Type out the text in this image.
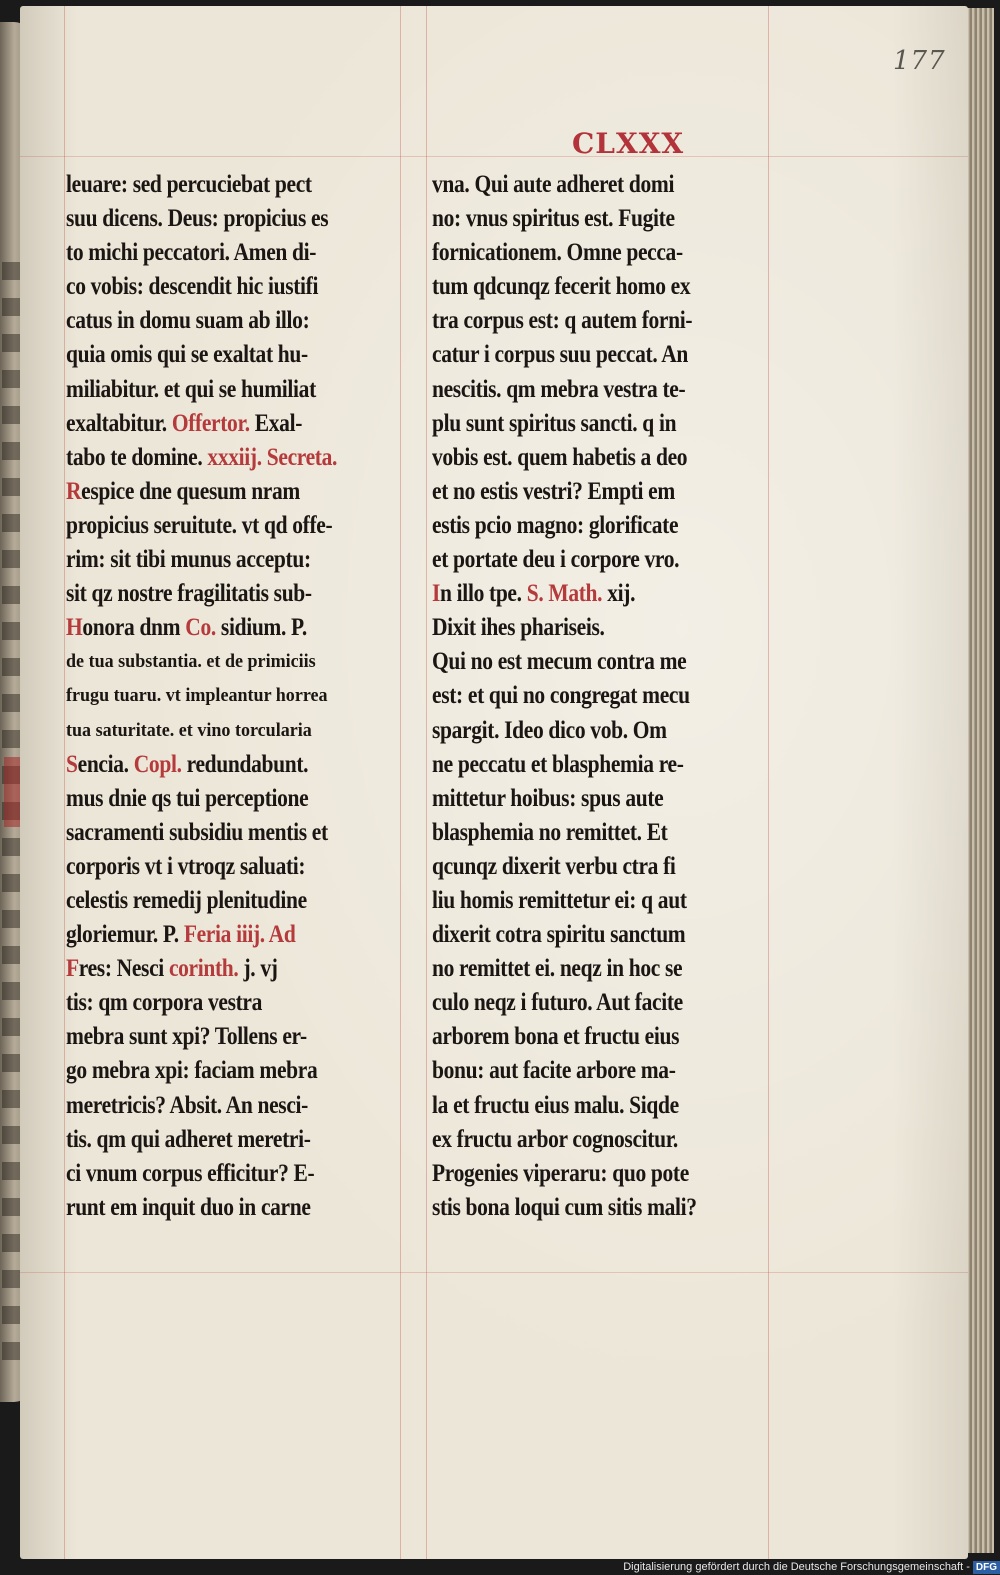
177
CLXXX
leuare: sed percuciebat pect
suu dicens. Deus: propicius es
to michi peccatori. Amen di-
co vobis: descendit hic iustifi
catus in domu suam ab illo:
quia omis qui se exaltat hu-
miliabitur. et qui se humiliat
exaltabitur. Offertor. Exal-
tabo te domine. xxxiij. Secreta.
Respice dne quesum nram
propicius seruitute. vt qd offe-
rim: sit tibi munus acceptu:
sit qz nostre fragilitatis sub-
Honora dnm Co. sidium. P.
de tua substantia. et de primiciis
frugu tuaru. vt impleantur horrea
tua saturitate. et vino torcularia
Sencia. Copl. redundabunt.
mus dnie qs tui perceptione
sacramenti subsidiu mentis et
corporis vt i vtroqz saluati:
celestis remedij plenitudine
gloriemur. P. Feria iiij. Ad
Fres: Nesci corinth. j. vj
tis: qm corpora vestra
mebra sunt xpi? Tollens er-
go mebra xpi: faciam mebra
meretricis? Absit. An nesci-
tis. qm qui adheret meretri-
ci vnum corpus efficitur? E-
runt em inquit duo in carne
vna. Qui aute adheret domi
no: vnus spiritus est. Fugite
fornicationem. Omne pecca-
tum qdcunqz fecerit homo ex
tra corpus est: q autem forni-
catur i corpus suu peccat. An
nescitis. qm mebra vestra te-
plu sunt spiritus sancti. q in
vobis est. quem habetis a deo
et no estis vestri? Empti em
estis pcio magno: glorificate
et portate deu i corpore vro.
In illo tpe. S. Math. xij.
Dixit ihes phariseis.
Qui no est mecum contra me
est: et qui no congregat mecu
spargit. Ideo dico vob. Om
ne peccatu et blasphemia re-
mittetur hoibus: spus aute
blasphemia no remittet. Et
qcunqz dixerit verbu ctra fi
liu homis remittetur ei: q aut
dixerit cotra spiritu sanctum
no remittet ei. neqz in hoc se
culo neqz i futuro. Aut facite
arborem bona et fructu eius
bonu: aut facite arbore ma-
la et fructu eius malu. Siqde
ex fructu arbor cognoscitur.
Progenies viperaru: quo pote
stis bona loqui cum sitis mali?
Digitalisierung gefördert durch die Deutsche Forschungsgemeinschaft - DFG
